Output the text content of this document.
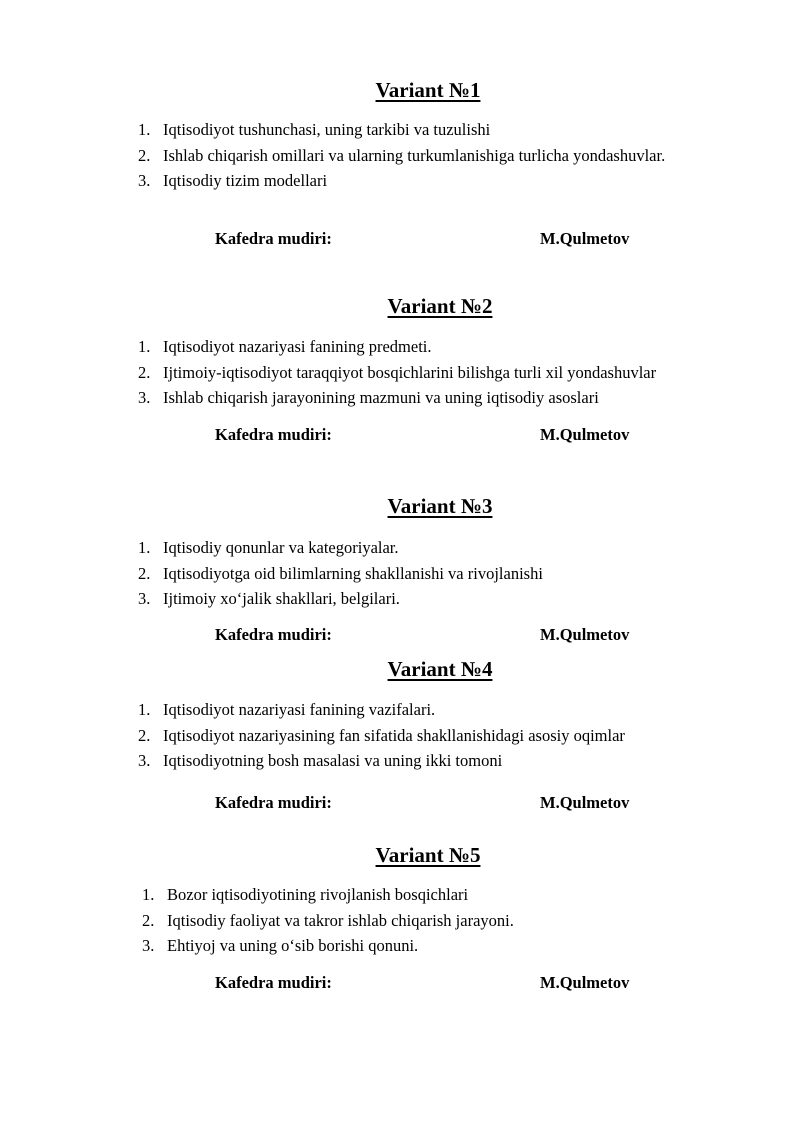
Variant №1
1. Iqtisodiyot tushunchasi, uning tarkibi va tuzulishi
2. Ishlab chiqarish omillari va ularning turkumlanishiga turlicha yondashuvlar.
3. Iqtisodiy tizim modellari
Kafedra mudiri:	M.Qulmetov
Variant №2
1. Iqtisodiyot nazariyasi fanining predmeti.
2. Ijtimoiy-iqtisodiyot taraqqiyot bosqichlarini bilishga turli xil yondashuvlar
3. Ishlab chiqarish jarayonining mazmuni va uning iqtisodiy asoslari
Kafedra mudiri:	M.Qulmetov
Variant №3
1. Iqtisodiy qonunlar va kategoriyalar.
2. Iqtisodiyotga oid bilimlarning shakllanishi va rivojlanishi
3. Ijtimoiy xo‘jalik shakllari, belgilari.
Kafedra mudiri:	M.Qulmetov
Variant №4
1. Iqtisodiyot nazariyasi fanining vazifalari.
2. Iqtisodiyot nazariyasining fan sifatida shakllanishidagi asosiy oqimlar
3. Iqtisodiyotning bosh masalasi va uning ikki tomoni
Kafedra mudiri:	M.Qulmetov
Variant №5
1. Bozor iqtisodiyotining rivojlanish bosqichlari
2. Iqtisodiy faoliyat va takror ishlab chiqarish jarayoni.
3. Ehtiyoj va uning o‘sib borishi qonuni.
Kafedra mudiri:	M.Qulmetov
